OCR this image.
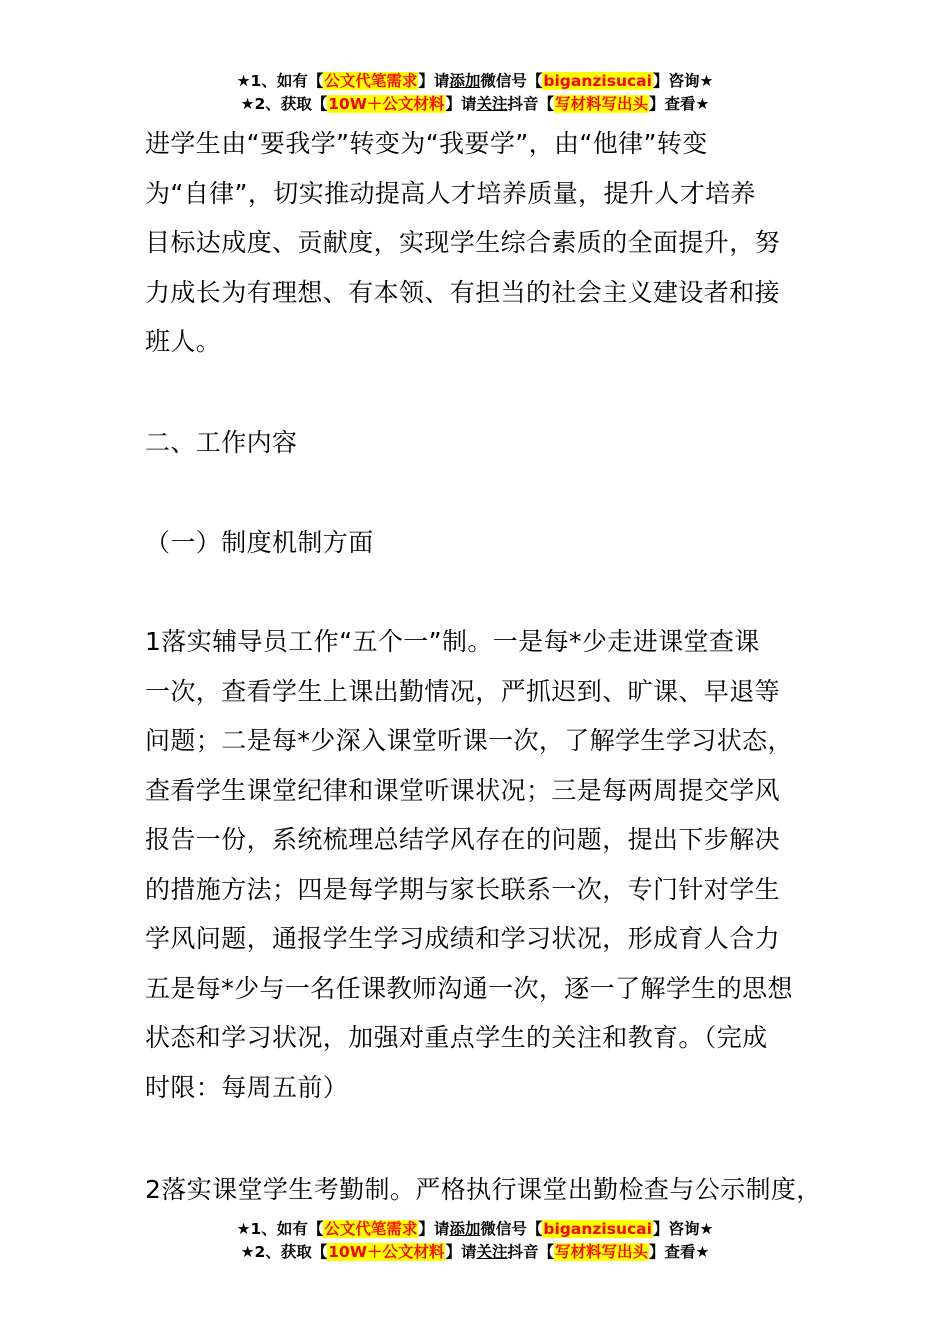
★1、如有【公文代笔需求】请添加微信号【biganzisucai】咨询★
★2、获取【10W＋公文材料】请关注抖音【写材料写出头】查看★

进学生由“要我学”转变为“我要学”，由“他律”转变

为“自律”，切实推动提高人才培养质量，提升人才培养

目标达成度、贡献度，实现学生综合素质的全面提升，努

力成长为有理想、有本领、有担当的社会主义建设者和接

班人。

二、工作内容

（一）制度机制方面

1落实辅导员工作“五个一”制。一是每*少走进课堂查课

一次，查看学生上课出勤情况，严抓迟到、旷课、早退等

问题；二是每*少深入课堂听课一次，了解学生学习状态，

查看学生课堂纪律和课堂听课状况；三是每两周提交学风

报告一份，系统梳理总结学风存在的问题，提出下步解决

的措施方法；四是每学期与家长联系一次，专门针对学生

学风问题，通报学生学习成绩和学习状况，形成育人合力

五是每*少与一名任课教师沟通一次，逐一了解学生的思想

状态和学习状况，加强对重点学生的关注和教育。（完成

时限：每周五前）

2落实课堂学生考勤制。严格执行课堂出勤检查与公示制度，

★1、如有【公文代笔需求】请添加微信号【biganzisucai】咨询★
★2、获取【10W＋公文材料】请关注抖音【写材料写出头】查看★
